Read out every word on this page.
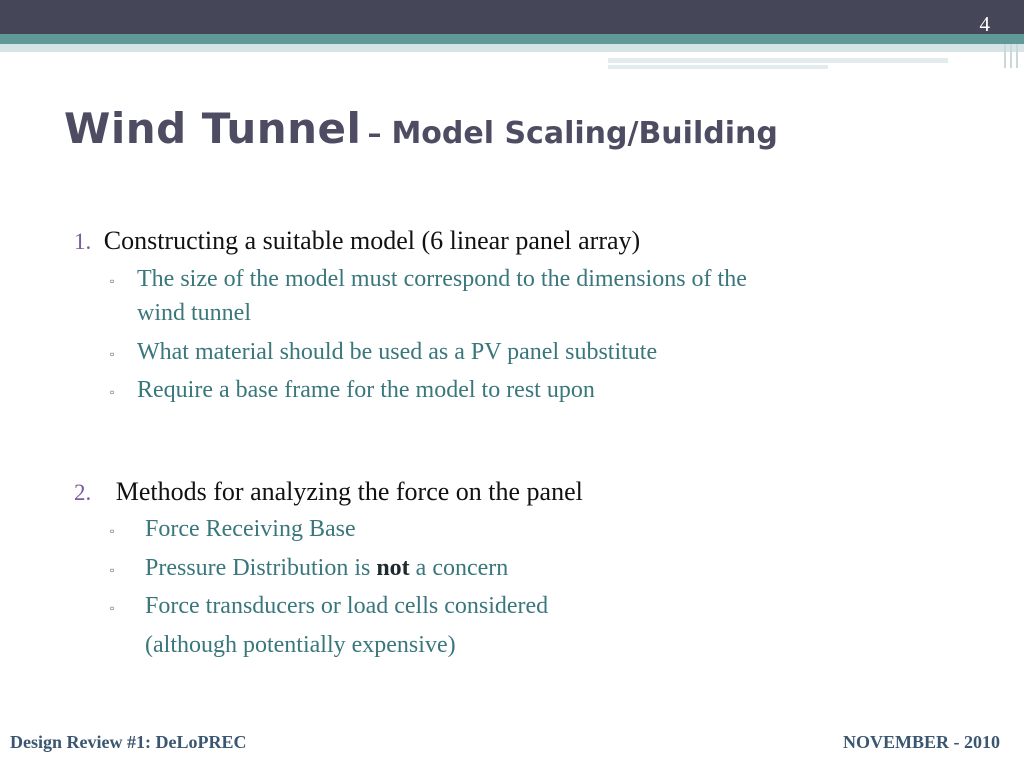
4
Wind Tunnel – Model Scaling/Building
1. Constructing a suitable model (6 linear panel array)
▫ The size of the model must correspond to the dimensions of the
wind tunnel
▫ What material should be used as a PV panel substitute
▫ Require a base frame for the model to rest upon
2. Methods for analyzing the force on the panel
▫ Force Receiving Base
▫ Pressure Distribution is not a concern
▫ Force transducers or load cells considered
(although potentially expensive)
Design Review #1: DeLoPREC	NOVEMBER - 2010
